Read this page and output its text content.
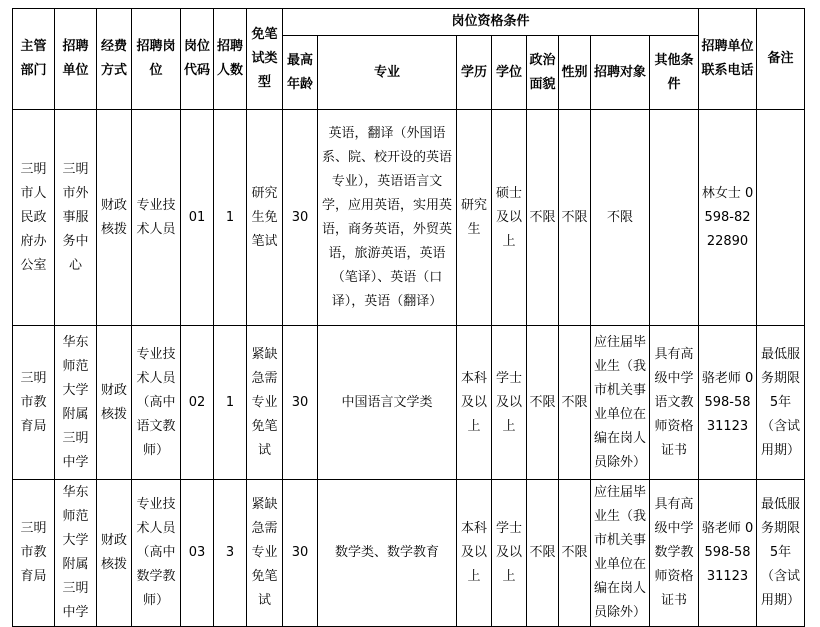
主管部门	招聘单位	经费方式	招聘岗位	岗位代码	招聘人数	免笔试类型	岗位资格条件								招聘单位联系电话	备注
							最高年龄	专业	学历	学位	政治面貌	性别	招聘对象	其他条件		
三明市人民政府办公室	三明市外事服务中心	财政核拨	专业技术人员	01	1	研究生免笔试	30	英语，翻译（外国语系、院、校开设的英语专业），英语语言文学，应用英语，实用英语，商务英语，外贸英语，旅游英语，英语（笔译）、英语（口译），英语（翻译）	研究生	硕士及以上	不限	不限	不限		林女士 0598-8222890	
三明市教育局	华东师范大学附属三明中学	财政核拨	专业技术人员（高中语文教师）	02	1	紧缺急需专业免笔试	30	中国语言文学类	本科及以上	学士及以上	不限	不限	应往届毕业生（我市机关事业单位在编在岗人员除外）	具有高级中学语文教师资格证书	骆老师 0598-5831123	最低服务期限5年（含试用期）
三明市教育局	华东师范大学附属三明中学	财政核拨	专业技术人员（高中数学教师）	03	3	紧缺急需专业免笔试	30	数学类、数学教育	本科及以上	学士及以上	不限	不限	应往届毕业生（我市机关事业单位在编在岗人员除外）	具有高级中学数学教师资格证书	骆老师 0598-5831123	最低服务期限5年（含试用期）
